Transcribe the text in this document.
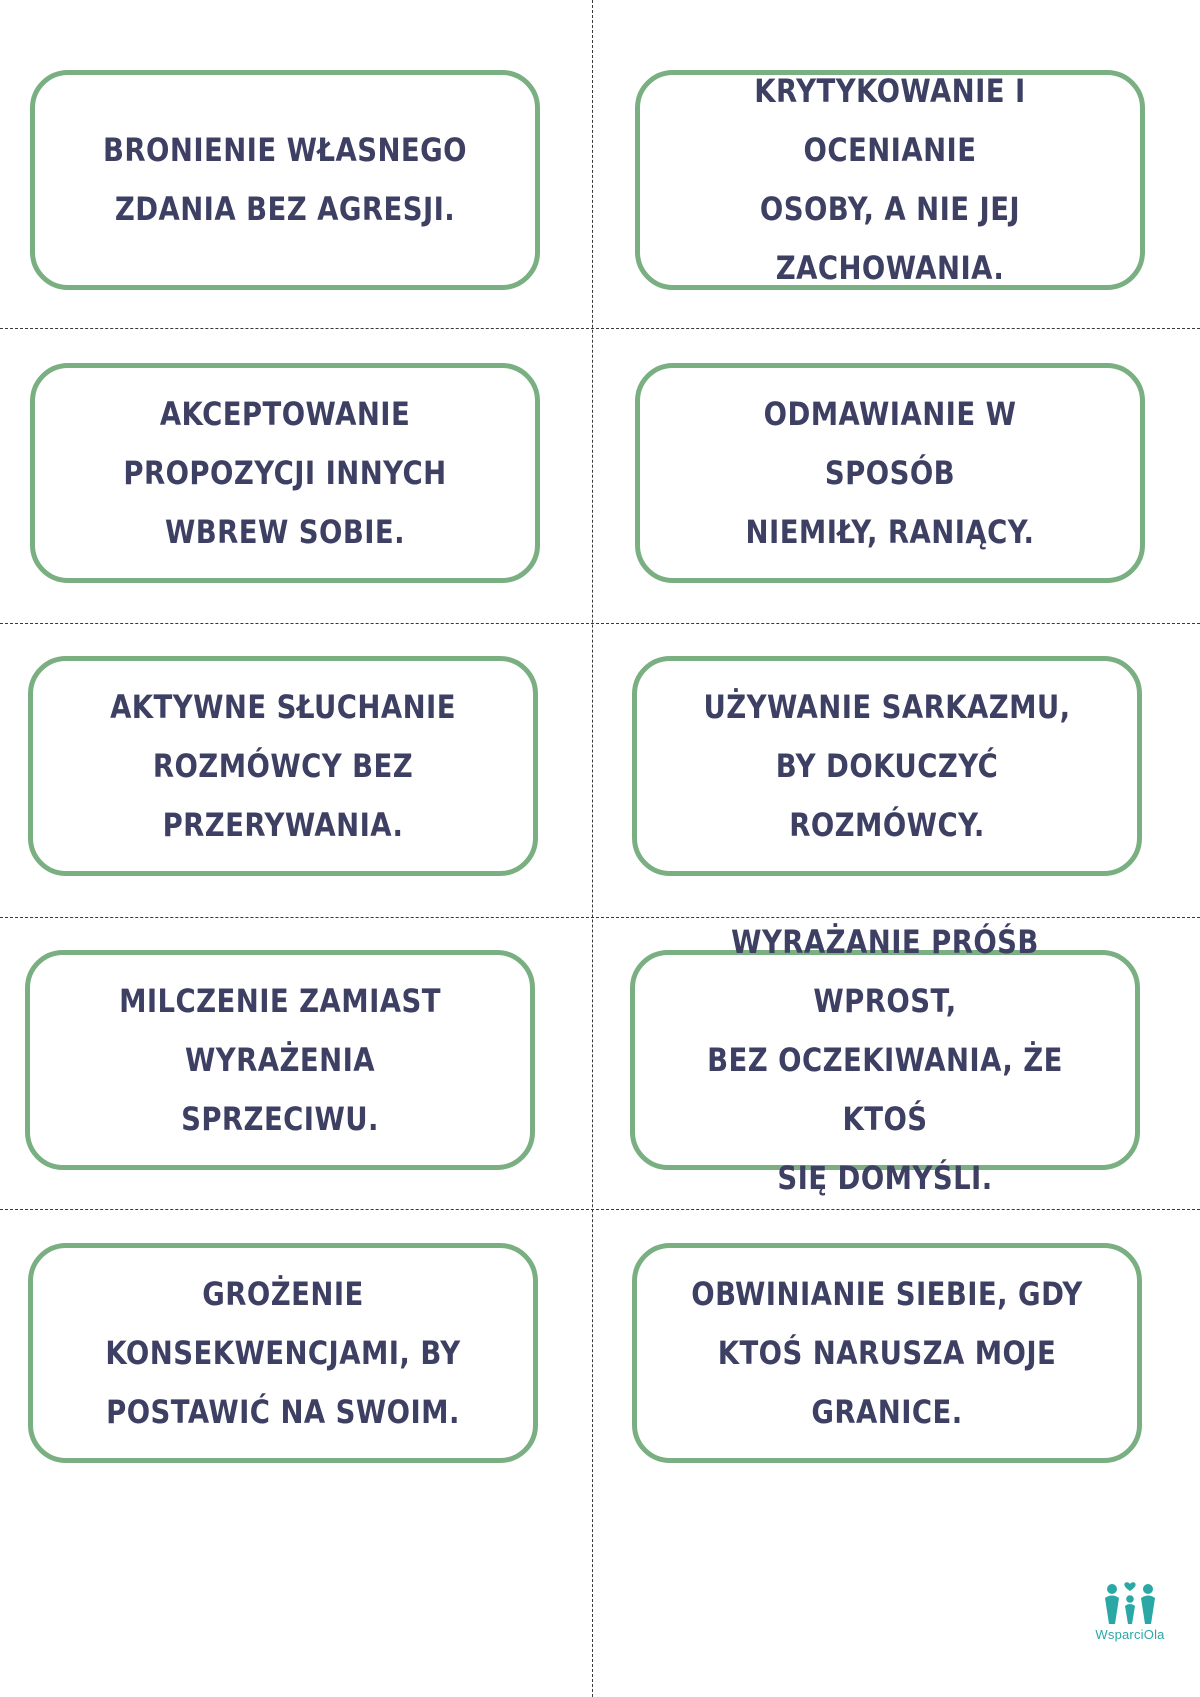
BRONIENIE WŁASNEGO
ZDANIA BEZ AGRESJI.

KRYTYKOWANIE I OCENIANIE
OSOBY, A NIE JEJ
ZACHOWANIA.

AKCEPTOWANIE
PROPOZYCJI INNYCH
WBREW SOBIE.

ODMAWIANIE W SPOSÓB
NIEMIŁY, RANIĄCY.

AKTYWNE SŁUCHANIE
ROZMÓWCY BEZ
PRZERYWANIA.

UŻYWANIE SARKAZMU,
BY DOKUCZYĆ
ROZMÓWCY.

MILCZENIE ZAMIAST
WYRAŻENIA SPRZECIWU.

WYRAŻANIE PRÓŚB WPROST,
BEZ OCZEKIWANIA, ŻE KTOŚ
SIĘ DOMYŚLI.

GROŻENIE
KONSEKWENCJAMI, BY
POSTAWIĆ NA SWOIM.

OBWINIANIE SIEBIE, GDY
KTOŚ NARUSZA MOJE
GRANICE.

WsparciOla
